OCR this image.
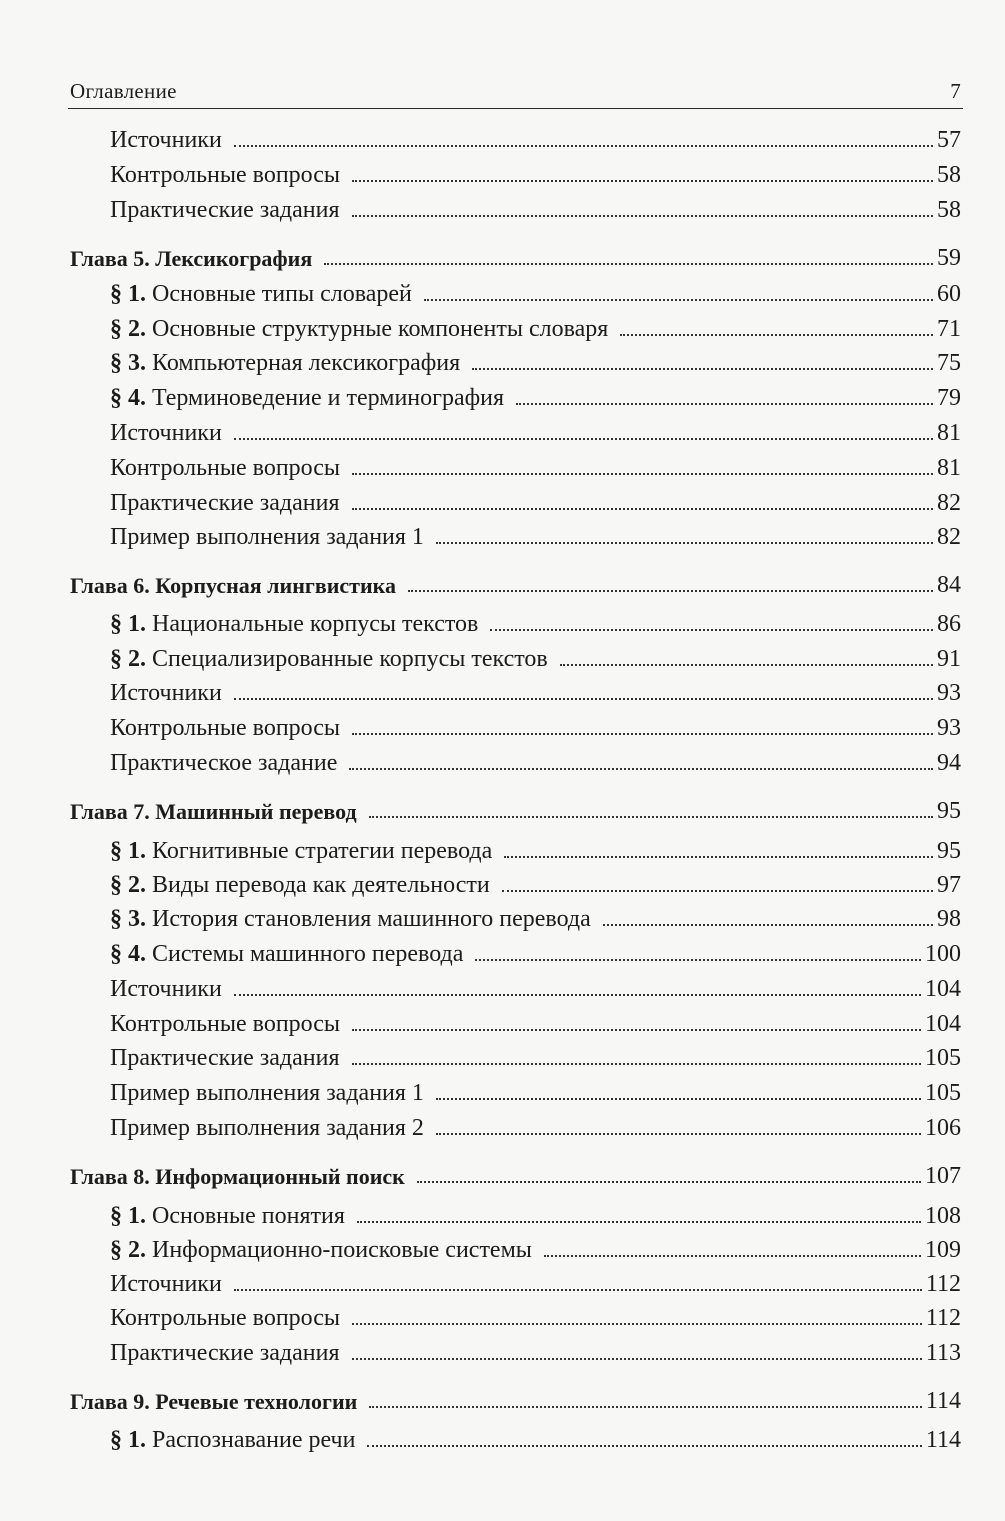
Оглавление	7
Источники	57
Контрольные вопросы	58
Практические задания	58
Глава 5. Лексикография	59
§ 1. Основные типы словарей	60
§ 2. Основные структурные компоненты словаря	71
§ 3. Компьютерная лексикография	75
§ 4. Терминоведение и терминография	79
Источники	81
Контрольные вопросы	81
Практические задания	82
Пример выполнения задания 1	82
Глава 6. Корпусная лингвистика	84
§ 1. Национальные корпусы текстов	86
§ 2. Специализированные корпусы текстов	91
Источники	93
Контрольные вопросы	93
Практическое задание	94
Глава 7. Машинный перевод	95
§ 1. Когнитивные стратегии перевода	95
§ 2. Виды перевода как деятельности	97
§ 3. История становления машинного перевода	98
§ 4. Системы машинного перевода	100
Источники	104
Контрольные вопросы	104
Практические задания	105
Пример выполнения задания 1	105
Пример выполнения задания 2	106
Глава 8. Информационный поиск	107
§ 1. Основные понятия	108
§ 2. Информационно-поисковые системы	109
Источники	112
Контрольные вопросы	112
Практические задания	113
Глава 9. Речевые технологии	114
§ 1. Распознавание речи	114
